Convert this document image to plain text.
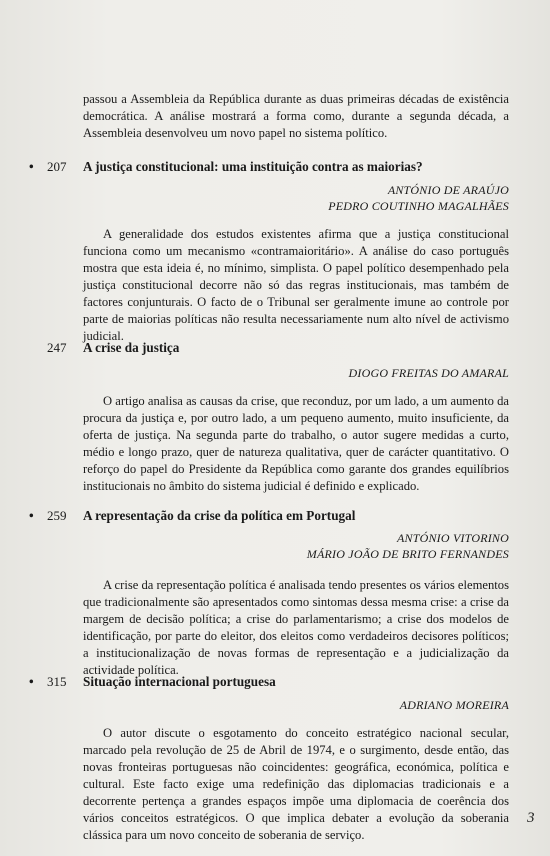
passou a Assembleia da República durante as duas primeiras décadas de existência democrática. A análise mostrará a forma como, durante a segunda década, a Assembleia desenvolveu um novo papel no sistema político.
•	207 A justiça constitucional: uma instituição contra as maiorias?
ANTÓNIO DE ARAÚJO
PEDRO COUTINHO MAGALHÃES
A generalidade dos estudos existentes afirma que a justiça constitucional funciona como um mecanismo «contramaioritário». A análise do caso português mostra que esta ideia é, no mínimo, simplista. O papel político desempenhado pela justiça constitucional decorre não só das regras institucionais, mas também de factores conjunturais. O facto de o Tribunal ser geralmente imune ao controle por parte de maiorias políticas não resulta necessariamente num alto nível de activismo judicial.
247 A crise da justiça
DIOGO FREITAS DO AMARAL
O artigo analisa as causas da crise, que reconduz, por um lado, a um aumento da procura da justiça e, por outro lado, a um pequeno aumento, muito insuficiente, da oferta de justiça. Na segunda parte do trabalho, o autor sugere medidas a curto, médio e longo prazo, quer de natureza qualitativa, quer de carácter quantitativo. O reforço do papel do Presidente da República como garante dos grandes equilíbrios institucionais no âmbito do sistema judicial é definido e explicado.
•	259 A representação da crise da política em Portugal
ANTÓNIO VITORINO
MÁRIO JOÃO DE BRITO FERNANDES
A crise da representação política é analisada tendo presentes os vários elementos que tradicionalmente são apresentados como sintomas dessa mesma crise: a crise da margem de decisão política; a crise do parlamentarismo; a crise dos modelos de identificação, por parte do eleitor, dos eleitos como verdadeiros decisores políticos; a institucionalização de novas formas de representação e a judicialização da actividade política.
•	315 Situação internacional portuguesa
ADRIANO MOREIRA
O autor discute o esgotamento do conceito estratégico nacional secular, marcado pela revolução de 25 de Abril de 1974, e o surgimento, desde então, das novas fronteiras portuguesas não coincidentes: geográfica, económica, política e cultural. Este facto exige uma redefinição das diplomacias tradicionais e a decorrente pertença a grandes espaços impõe uma diplomacia de coerência dos vários conceitos estratégicos. O que implica debater a evolução da soberania clássica para um novo conceito de soberania de serviço.
3
